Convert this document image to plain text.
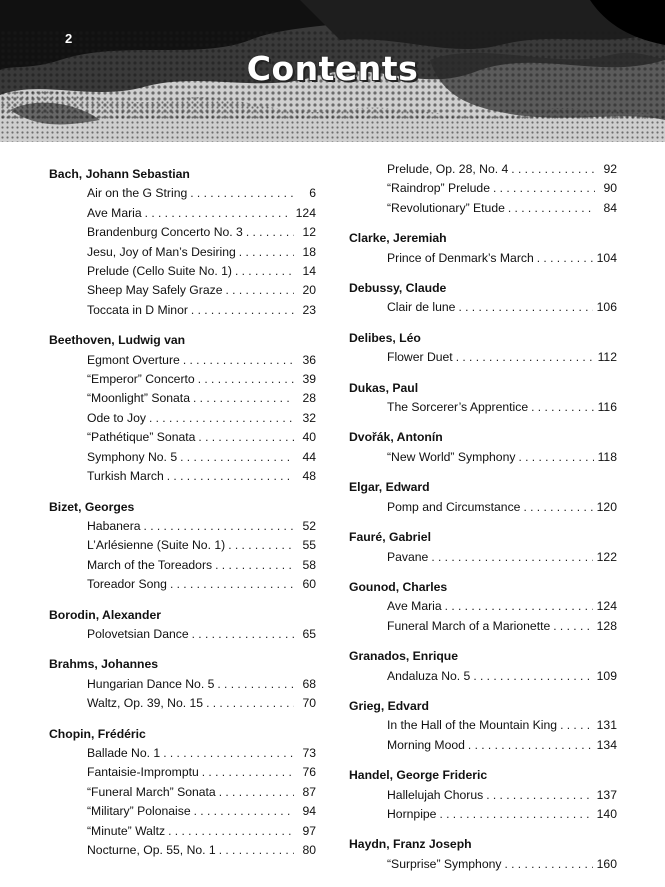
2
Contents
Bach, Johann Sebastian
Air on the G String . . .	6
Ave Maria . . .	124
Brandenburg Concerto No. 3 . . .	12
Jesu, Joy of Man’s Desiring . . .	18
Prelude (Cello Suite No. 1) . . .	14
Sheep May Safely Graze . . .	20
Toccata in D Minor . . .	23
Beethoven, Ludwig van
Egmont Overture . . .	36
“Emperor” Concerto . . .	39
“Moonlight” Sonata . . .	28
Ode to Joy . . .	32
“Pathétique” Sonata . . .	40
Symphony No. 5 . . .	44
Turkish March . . .	48
Bizet, Georges
Habanera . . .	52
L’Arlésienne (Suite No. 1) . . .	55
March of the Toreadors . . .	58
Toreador Song . . .	60
Borodin, Alexander
Polovetsian Dance . . .	65
Brahms, Johannes
Hungarian Dance No. 5 . . .	68
Waltz, Op. 39, No. 15 . . .	70
Chopin, Frédéric
Ballade No. 1 . . .	73
Fantaisie-Impromptu . . .	76
“Funeral March” Sonata . . .	87
“Military” Polonaise . . .	94
“Minute” Waltz . . .	97
Nocturne, Op. 55, No. 1 . . .	80
Prelude, Op. 28, No. 4 . . .	92
“Raindrop” Prelude . . .	90
“Revolutionary” Etude . . .	84
Clarke, Jeremiah
Prince of Denmark’s March . . .	104
Debussy, Claude
Clair de lune . . .	106
Delibes, Léo
Flower Duet . . .	112
Dukas, Paul
The Sorcerer’s Apprentice . . .	116
Dvořák, Antonín
“New World” Symphony . . .	118
Elgar, Edward
Pomp and Circumstance . . .	120
Fauré, Gabriel
Pavane . . .	122
Gounod, Charles
Ave Maria . . .	124
Funeral March of a Marionette . . .	128
Granados, Enrique
Andaluza No. 5 . . .	109
Grieg, Edvard
In the Hall of the Mountain King . . .	131
Morning Mood . . .	134
Handel, George Frideric
Hallelujah Chorus . . .	137
Hornpipe . . .	140
Haydn, Franz Joseph
“Surprise” Symphony . . .	160
